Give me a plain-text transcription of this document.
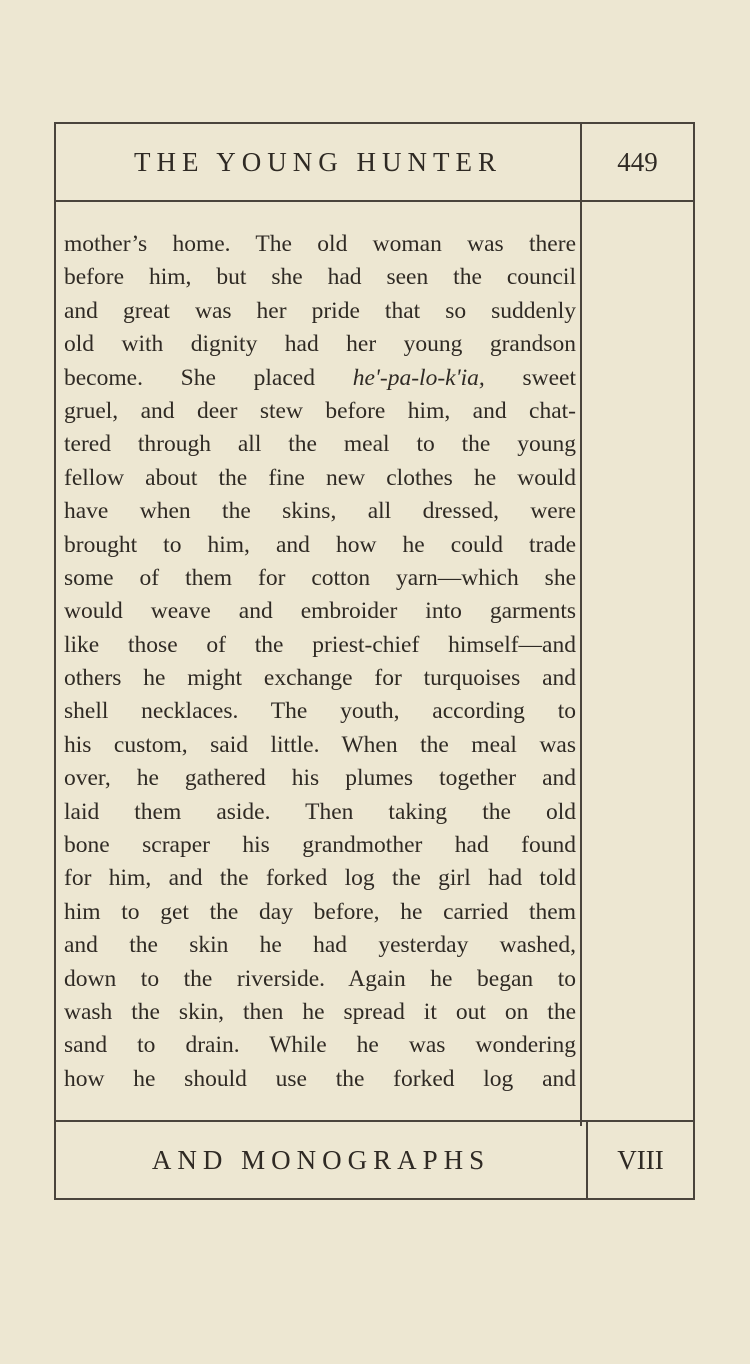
THE YOUNG HUNTER	449
mother’s home. The old woman was there
before him, but she had seen the council
and great was her pride that so suddenly
old with dignity had her young grandson
become. She placed he'-pa-lo-k'ia, sweet
gruel, and deer stew before him, and chat-
tered through all the meal to the young
fellow about the fine new clothes he would
have when the skins, all dressed, were
brought to him, and how he could trade
some of them for cotton yarn—which she
would weave and embroider into garments
like those of the priest-chief himself—and
others he might exchange for turquoises and
shell necklaces. The youth, according to
his custom, said little. When the meal was
over, he gathered his plumes together and
laid them aside. Then taking the old
bone scraper his grandmother had found
for him, and the forked log the girl had told
him to get the day before, he carried them
and the skin he had yesterday washed,
down to the riverside. Again he began to
wash the skin, then he spread it out on the
sand to drain. While he was wondering
how he should use the forked log and
AND MONOGRAPHS	VIII
